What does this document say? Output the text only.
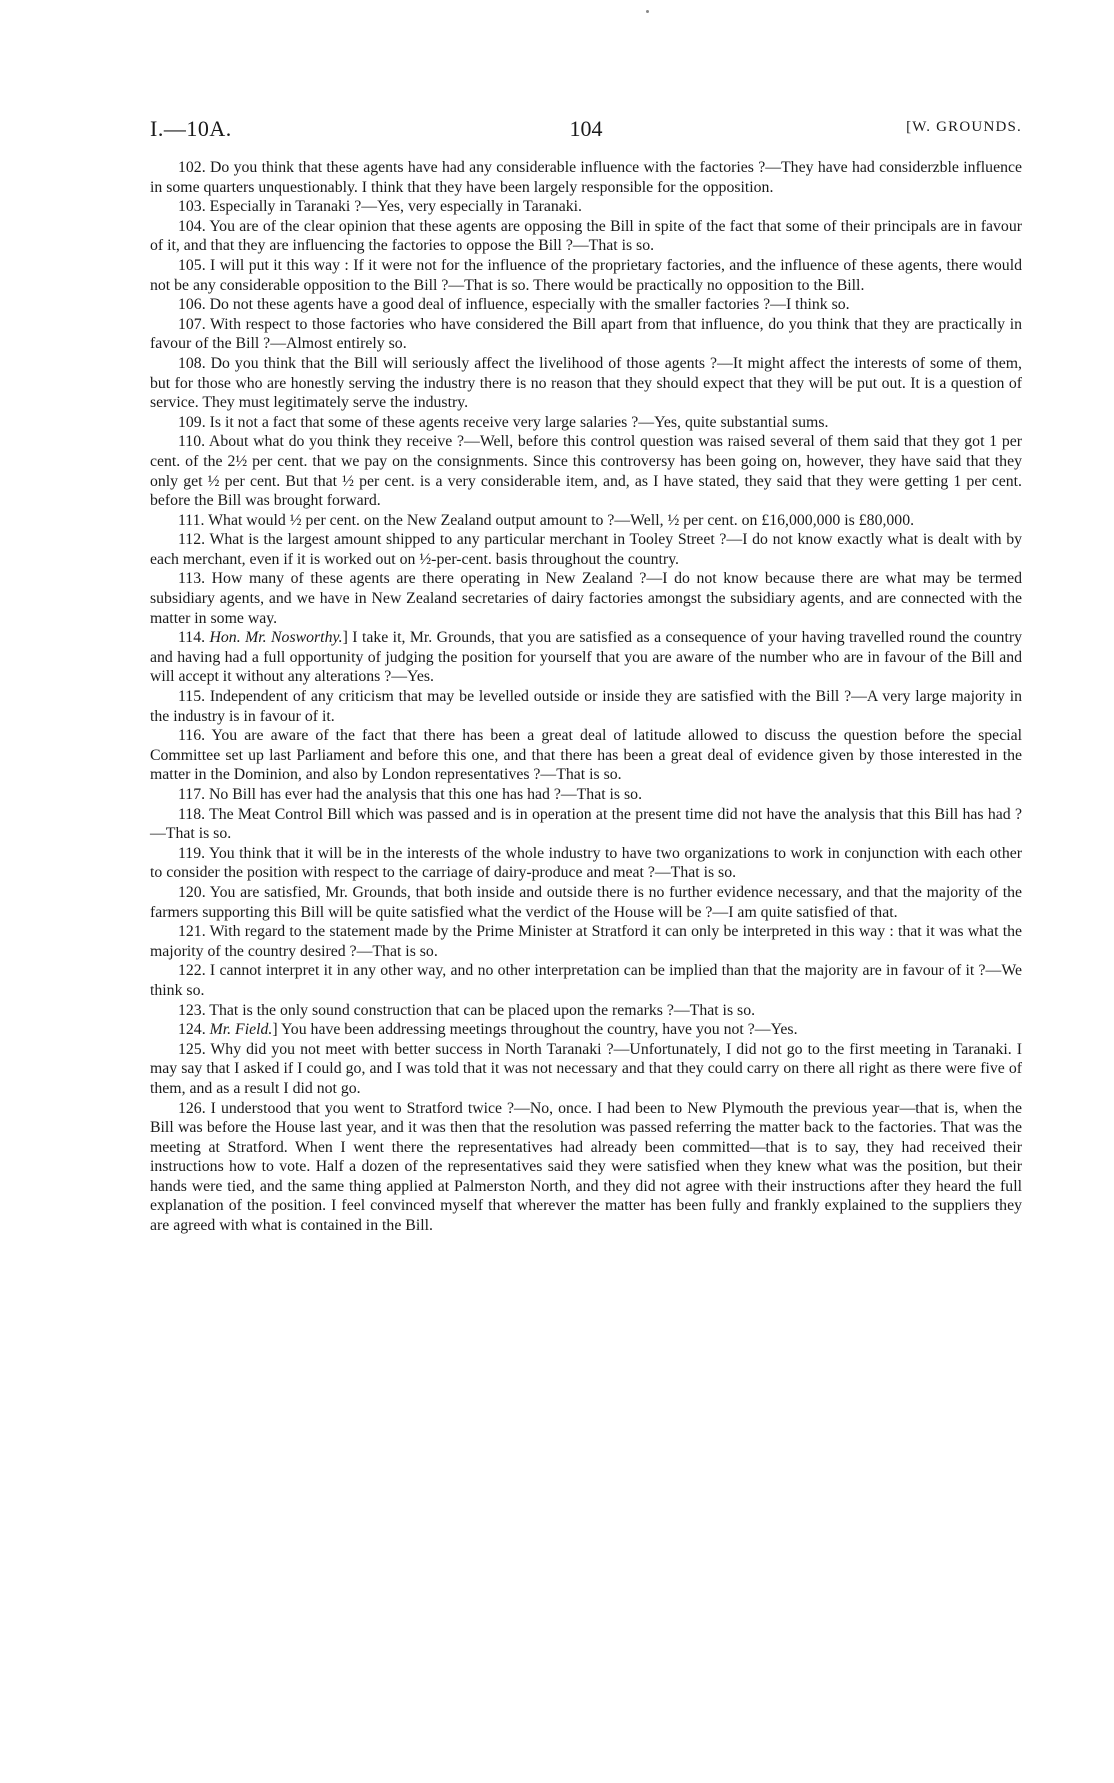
I.—10A.	104	[W. GROUNDS.

102. Do you think that these agents have had any considerable influence with the factories ?—They have had considerzble influence in some quarters unquestionably. I think that they have been largely responsible for the opposition.

103. Especially in Taranaki ?—Yes, very especially in Taranaki.

104. You are of the clear opinion that these agents are opposing the Bill in spite of the fact that some of their principals are in favour of it, and that they are influencing the factories to oppose the Bill ?—That is so.

105. I will put it this way : If it were not for the influence of the proprietary factories, and the influence of these agents, there would not be any considerable opposition to the Bill ?—That is so. There would be practically no opposition to the Bill.

106. Do not these agents have a good deal of influence, especially with the smaller factories ?—I think so.

107. With respect to those factories who have considered the Bill apart from that influence, do you think that they are practically in favour of the Bill ?—Almost entirely so.

108. Do you think that the Bill will seriously affect the livelihood of those agents ?—It might affect the interests of some of them, but for those who are honestly serving the industry there is no reason that they should expect that they will be put out. It is a question of service. They must legitimately serve the industry.

109. Is it not a fact that some of these agents receive very large salaries ?—Yes, quite substantial sums.

110. About what do you think they receive ?—Well, before this control question was raised several of them said that they got 1 per cent. of the 2½ per cent. that we pay on the consignments. Since this controversy has been going on, however, they have said that they only get ½ per cent. But that ½ per cent. is a very considerable item, and, as I have stated, they said that they were getting 1 per cent. before the Bill was brought forward.

111. What would ½ per cent. on the New Zealand output amount to ?—Well, ½ per cent. on £16,000,000 is £80,000.

112. What is the largest amount shipped to any particular merchant in Tooley Street ?—I do not know exactly what is dealt with by each merchant, even if it is worked out on ½-per-cent. basis throughout the country.

113. How many of these agents are there operating in New Zealand ?—I do not know because there are what may be termed subsidiary agents, and we have in New Zealand secretaries of dairy factories amongst the subsidiary agents, and are connected with the matter in some way.

114. Hon. Mr. Nosworthy.] I take it, Mr. Grounds, that you are satisfied as a consequence of your having travelled round the country and having had a full opportunity of judging the position for yourself that you are aware of the number who are in favour of the Bill and will accept it without any alterations ?—Yes.

115. Independent of any criticism that may be levelled outside or inside they are satisfied with the Bill ?—A very large majority in the industry is in favour of it.

116. You are aware of the fact that there has been a great deal of latitude allowed to discuss the question before the special Committee set up last Parliament and before this one, and that there has been a great deal of evidence given by those interested in the matter in the Dominion, and also by London representatives ?—That is so.

117. No Bill has ever had the analysis that this one has had ?—That is so.

118. The Meat Control Bill which was passed and is in operation at the present time did not have the analysis that this Bill has had ?—That is so.

119. You think that it will be in the interests of the whole industry to have two organizations to work in conjunction with each other to consider the position with respect to the carriage of dairy-produce and meat ?—That is so.

120. You are satisfied, Mr. Grounds, that both inside and outside there is no further evidence necessary, and that the majority of the farmers supporting this Bill will be quite satisfied what the verdict of the House will be ?—I am quite satisfied of that.

121. With regard to the statement made by the Prime Minister at Stratford it can only be interpreted in this way : that it was what the majority of the country desired ?—That is so.

122. I cannot interpret it in any other way, and no other interpretation can be implied than that the majority are in favour of it ?—We think so.

123. That is the only sound construction that can be placed upon the remarks ?—That is so.

124. Mr. Field.] You have been addressing meetings throughout the country, have you not ?—Yes.

125. Why did you not meet with better success in North Taranaki ?—Unfortunately, I did not go to the first meeting in Taranaki. I may say that I asked if I could go, and I was told that it was not necessary and that they could carry on there all right as there were five of them, and as a result I did not go.

126. I understood that you went to Stratford twice ?—No, once. I had been to New Plymouth the previous year—that is, when the Bill was before the House last year, and it was then that the resolution was passed referring the matter back to the factories. That was the meeting at Stratford. When I went there the representatives had already been committed—that is to say, they had received their instructions how to vote. Half a dozen of the representatives said they were satisfied when they knew what was the position, but their hands were tied, and the same thing applied at Palmerston North, and they did not agree with their instructions after they heard the full explanation of the position. I feel convinced myself that wherever the matter has been fully and frankly explained to the suppliers they are agreed with what is contained in the Bill.
